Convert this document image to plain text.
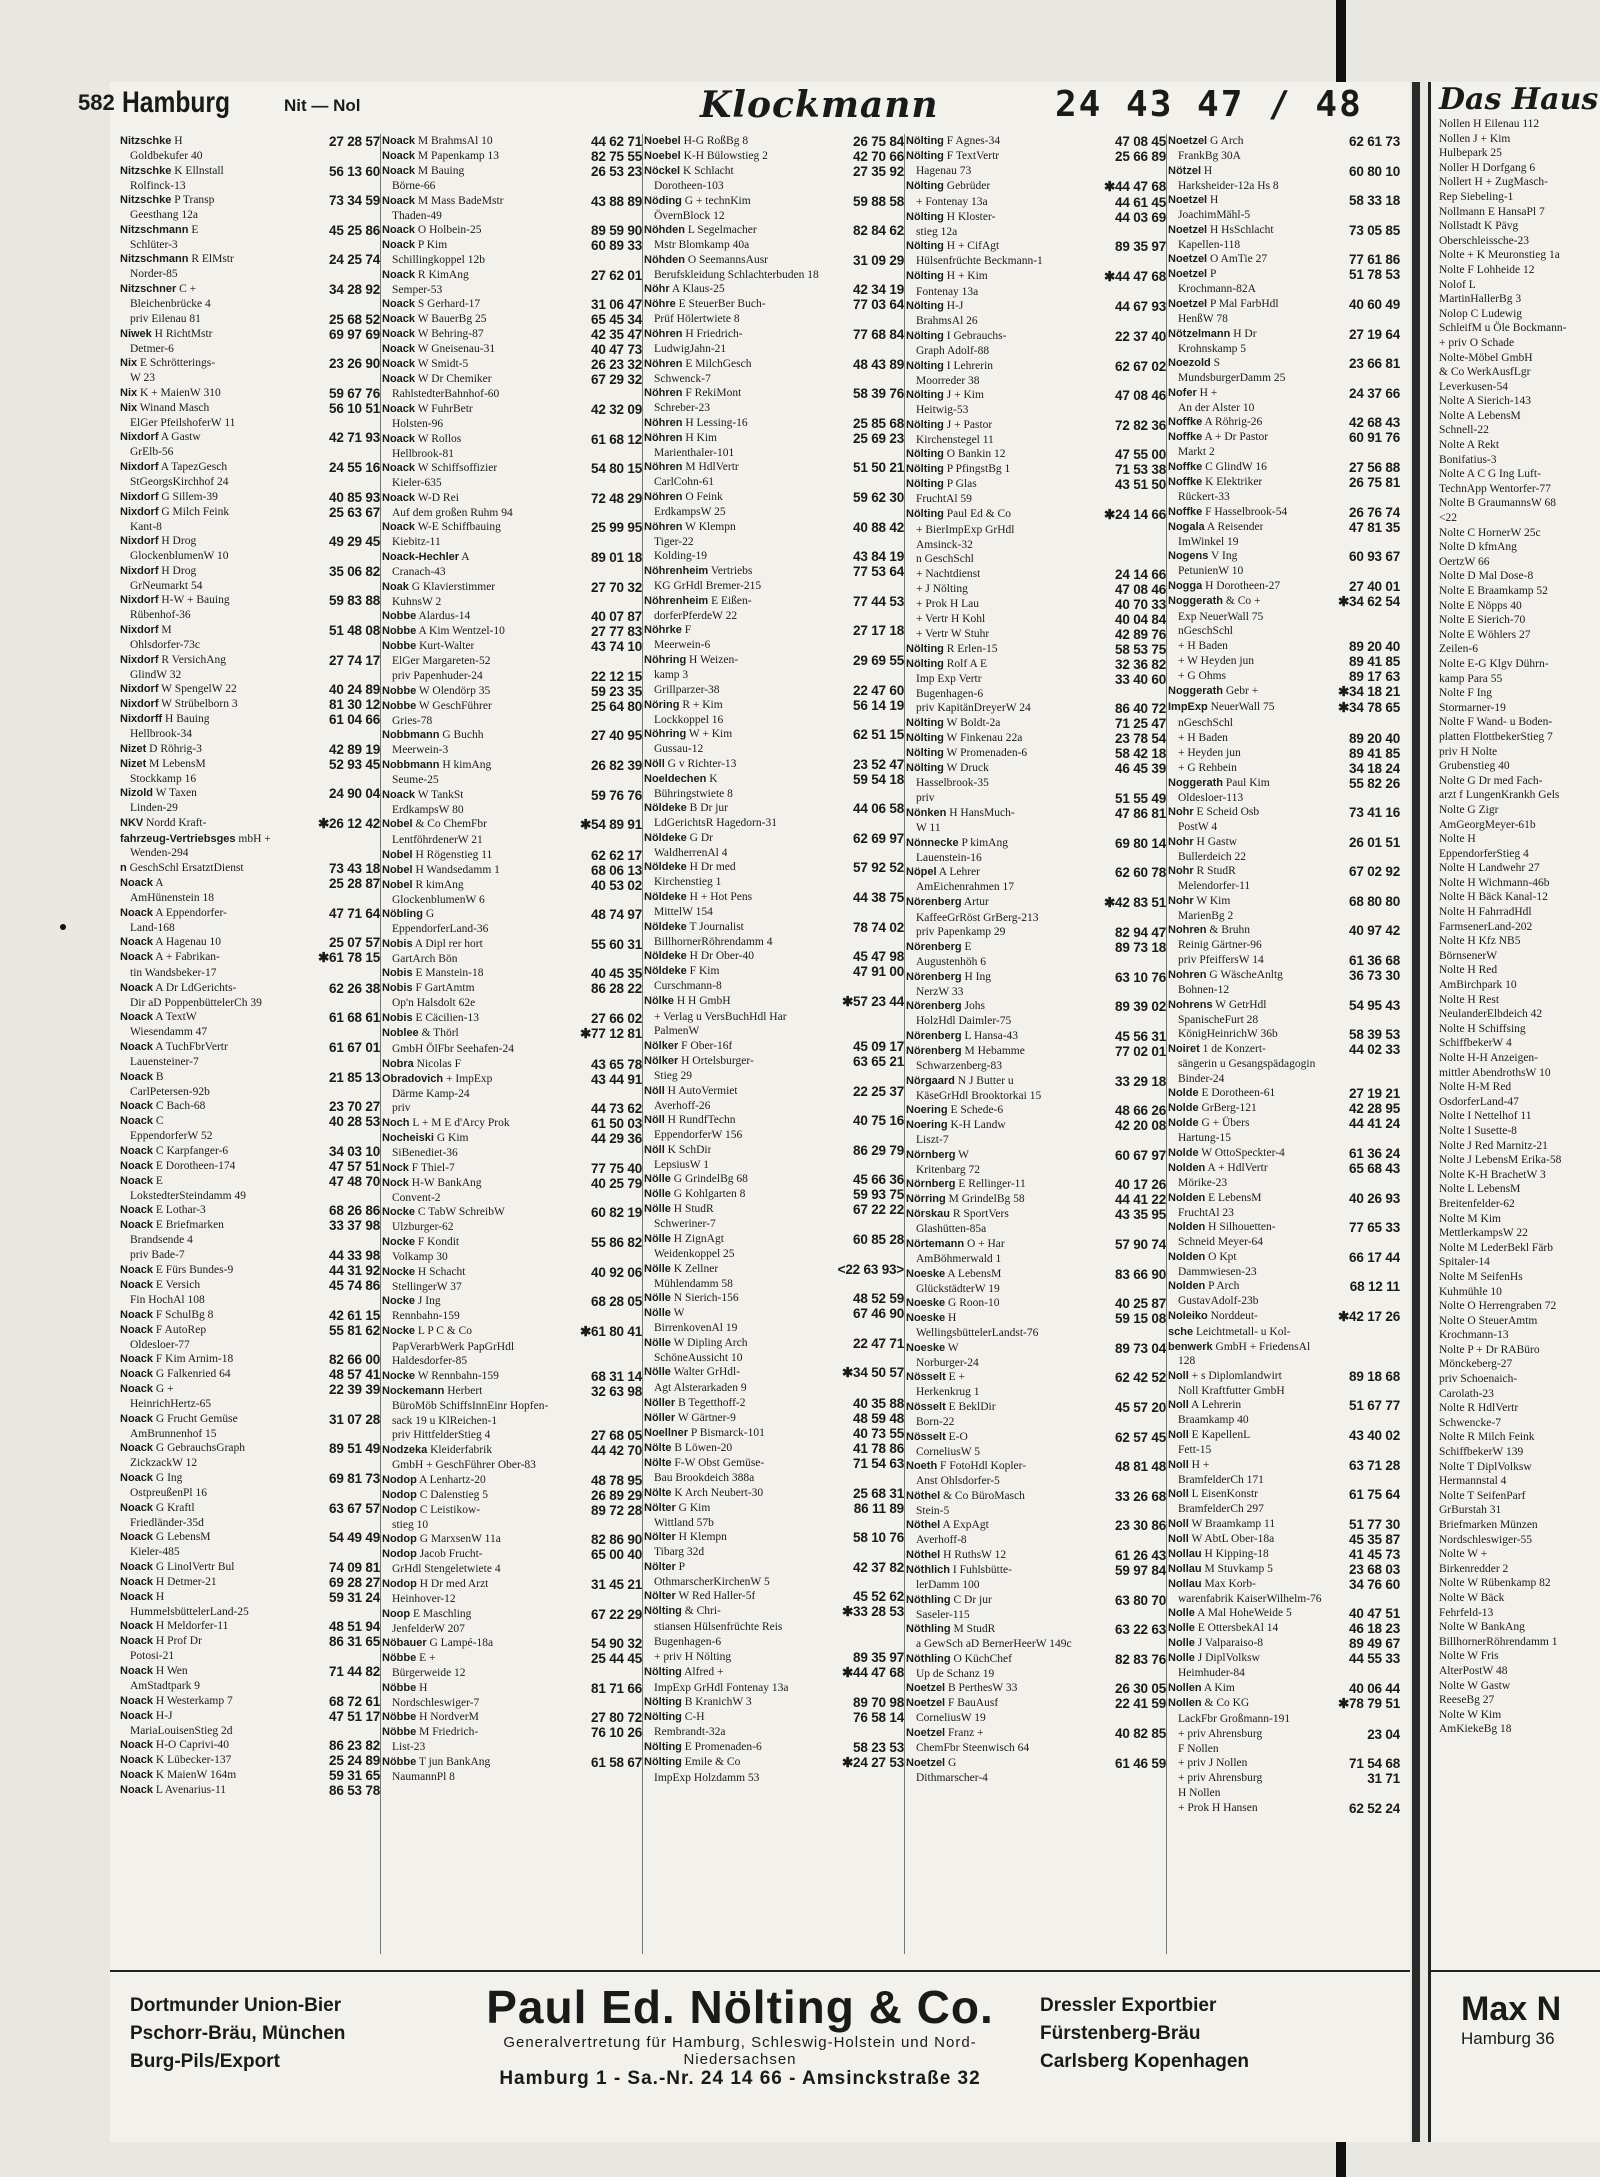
582 Hamburg	Nit — Nol	Klockmann	24 43 47 / 48
Nitzschke H	27 28 57
Goldbekufer 40
Nitzschke K Ellnstall	56 13 60
Rolfinck-13
Nitzschke P Transp	73 34 59
Geesthang 12a
Nitzschmann E	45 25 86
Schlüter-3
Nitzschmann R ElMstr	24 25 74
Norder-85
Nitzschner C +	34 28 92
Bleichenbrücke 4
priv Eilenau 81	25 68 52
Niwek H RichtMstr	69 97 69
Detmer-6
Nix E Schrötterings-	23 26 90
W 23
Nix K + MaienW 310	59 67 76
Nix Winand Masch	56 10 51
ElGer PfeilshoferW 11
Nixdorf A Gastw	42 71 93
GrElb-56
Nixdorf A TapezGesch	24 55 16
StGeorgsKirchhof 24
Nixdorf G Sillem-39	40 85 93
Nixdorf G Milch Feink	25 63 67
Kant-8
Nixdorf H Drog	49 29 45
GlockenblumenW 10
Nixdorf H Drog	35 06 82
GrNeumarkt 54
Nixdorf H-W + Bauing	59 83 88
Rübenhof-36
Nixdorf M	51 48 08
Ohlsdorfer-73c
Nixdorf R VersichAng	27 74 17
GlindW 32
Nixdorf W SpengelW 22	40 24 89
Nixdorf W Strübelborn 3	81 30 12
Nixdorff H Bauing	61 04 66
Hellbrook-34
Nizet D Röhrig-3	42 89 19
Nizet M LebensM	52 93 45
Stockkamp 16
Nizold W Taxen	24 90 04
Linden-29
NKV Nordd Kraft-	✱26 12 42
fahrzeug-Vertriebsges mbH +
Wenden-294
n GeschSchl ErsatztDienst	73 43 18
Noack A	25 28 87
AmHünenstein 18
Noack A Eppendorfer-	47 71 64
Land-168
Noack A Hagenau 10	25 07 57
Noack A + Fabrikan-	✱61 78 15
tin Wandsbeker-17
Noack A Dr LdGerichts-	62 26 38
Dir aD PoppenbüttelerCh 39
Noack A TextW	61 68 61
Wiesendamm 47
Noack A TuchFbrVertr	61 67 01
Lauensteiner-7
Noack B	21 85 13
CarlPetersen-92b
Noack C Bach-68	23 70 27
Noack C	40 28 53
EppendorferW 52
Noack C Karpfanger-6	34 03 10
Noack E Dorotheen-174	47 57 51
Noack E	47 48 70
LokstedterSteindamm 49
Noack E Lothar-3	68 26 86
Noack E Briefmarken	33 37 98
Brandsende 4
priv Bade-7	44 33 98
Noack E Fürs Bundes-9	44 31 92
Noack E Versich	45 74 86
Fin HochAl 108
Noack F SchulBg 8	42 61 15
Noack F AutoRep	55 81 62
Oldesloer-77
Noack F Kim Arnim-18	82 66 00
Noack G Falkenried 64	48 57 41
Noack G +	22 39 39
HeinrichHertz-65
Noack G Frucht Gemüse	31 07 28
AmBrunnenhof 15
Noack G GebrauchsGraph	89 51 49
ZickzackW 12
Noack G Ing	69 81 73
OstpreußenPl 16
Noack G Kraftl	63 67 57
Friedländer-35d
Noack G LebensM	54 49 49
Kieler-485
Noack G LinolVertr Bul	74 09 81
Noack H Detmer-21	69 28 27
Noack H	59 31 24
HummelsbüttelerLand-25
Noack H Meldorfer-11	48 51 94
Noack H Prof Dr	86 31 65
Potosi-21
Noack H Wen	71 44 82
AmStadtpark 9
Noack H Westerkamp 7	68 72 61
Noack H-J	47 51 17
MariaLouisenStieg 2d
Noack H-O Caprivi-40	86 23 82
Noack K Lübecker-137	25 24 89
Noack K MaienW 164m	59 31 65
Noack L Avenarius-11	86 53 78
Noack M BrahmsAl 10	44 62 71
Noack M Papenkamp 13	82 75 55
Noack M Bauing	26 53 23
Börne-66
Noack M Mass BadeMstr	43 88 89
Thaden-49
Noack O Holbein-25	89 59 90
Noack P Kim	60 89 33
Schillingkoppel 12b
Noack R KimAng	27 62 01
Semper-53
Noack S Gerhard-17	31 06 47
Noack W BauerBg 25	65 45 34
Noack W Behring-87	42 35 47
Noack W Gneisenau-31	40 47 73
Noack W Smidt-5	26 23 32
Noack W Dr Chemiker	67 29 32
RahlstedterBahnhof-60
Noack W FuhrBetr	42 32 09
Holsten-96
Noack W Rollos	61 68 12
Hellbrook-81
Noack W Schiffsoffizier	54 80 15
Kieler-635
Noack W-D Rei	72 48 29
Auf dem großen Ruhm 94
Noack W-E Schiffbauing	25 99 95
Kiebitz-11
Noack-Hechler A	89 01 18
Cranach-43
Noak G Klavierstimmer	27 70 32
KuhnsW 2
Nobbe Alardus-14	40 07 87
Nobbe A Kim Wentzel-10	27 77 83
Nobbe Kurt-Walter	43 74 10
ElGer Margareten-52
priv Papenhuder-24	22 12 15
Nobbe W Olendörp 35	59 23 35
Nobbe W GeschFührer	25 64 80
Gries-78
Nobbmann G Buchh	27 40 95
Meerwein-3
Nobbmann H kimAng	26 82 39
Seume-25
Noack W TankSt	59 76 76
ErdkampsW 80
Nobel & Co ChemFbr	✱54 89 91
LentföhrdenerW 21
Nobel H Rögenstieg 11	62 62 17
Nobel H Wandsedamm 1	68 06 13
Nobel R kimAng	40 53 02
GlockenblumenW 6
Nöbling G	48 74 97
EppendorferLand-36
Nobis A Dipl rer hort	55 60 31
GartArch Bön
Nobis E Manstein-18	40 45 35
Nobis F GartAmtm	86 28 22
Op'n Halsdolt 62e
Nobis E Cäcilien-13	27 66 02
Noblee & Thörl	✱77 12 81
GmbH ÖlFbr Seehafen-24
Nobra Nicolas F	43 65 78
Obradovich + ImpExp	43 44 91
Därme Kamp-24
priv	44 73 62
Noch L + M E d'Arcy Prok	61 50 03
Nocheiski G Kim	44 29 36
SiBenediet-36
Nock F Thiel-7	77 75 40
Nock H-W BankAng	40 25 79
Convent-2
Nocke C TabW SchreibW	60 82 19
Ulzburger-62
Nocke F Kondit	55 86 82
Volkamp 30
Nocke H Schacht	40 92 06
StellingerW 37
Nocke J Ing	68 28 05
Rennbahn-159
Nocke L P C & Co	✱61 80 41
PapVerarbWerk PapGrHdl
Haldesdorfer-85
Nocke W Rennbahn-159	68 31 14
Nockemann Herbert	32 63 98
BüroMöb SchiffsInnEinr Hopfen-
sack 19 u KlReichen-1
priv HittfelderStieg 4	27 68 05
Nodzeka Kleiderfabrik	44 42 70
GmbH + GeschFührer Ober-83
Nodop A Lenhartz-20	48 78 95
Nodop C Dalenstieg 5	26 89 29
Nodop C Leistikow-	89 72 28
stieg 10
Nodop G MarxsenW 11a	82 86 90
Nodop Jacob Frucht-	65 00 40
GrHdl Stengeletwiete 4
Nodop H Dr med Arzt	31 45 21
Heinhover-12
Noop E Maschling	67 22 29
JenfelderW 207
Nöbauer G Lampé-18a	54 90 32
Nöbbe E +	25 44 45
Bürgerweide 12
Nöbbe H	81 71 66
Nordschleswiger-7
Nöbbe H NordverM	27 80 72
Nöbbe M Friedrich-	76 10 26
List-23
Nöbbe T jun BankAng	61 58 67
NaumannPl 8
Noebel H-G RoßBg 8	26 75 84
Noebel K-H Bülowstieg 2	42 70 66
Nöckel K Schlacht	27 35 92
Dorotheen-103
Nöding G + technKim	59 88 58
ÖvernBlock 12
Nöhden L Segelmacher	82 84 62
Mstr Blomkamp 40a
Nöhden O SeemannsAusr	31 09 29
Berufskleidung Schlachterbuden 18
Nöhr A Klaus-25	42 34 19
Nöhre E SteuerBer Buch-	77 03 64
Prüf Hölertwiete 8
Nöhren H Friedrich-	77 68 84
LudwigJahn-21
Nöhren E MilchGesch	48 43 89
Schwenck-7
Nöhren F RekiMont	58 39 76
Schreber-23
Nöhren H Lessing-16	25 85 68
Nöhren H Kim	25 69 23
Marienthaler-101
Nöhren M HdlVertr	51 50 21
CarlCohn-61
Nöhren O Feink	59 62 30
ErdkampsW 25
Nöhren W Klempn	40 88 42
Tiger-22
Kolding-19	43 84 19
Nöhrenheim Vertriebs	77 53 64
KG GrHdl Bremer-215
Nöhrenheim E Eißen-	77 44 53
dorferPferdeW 22
Nöhrke F	27 17 18
Meerwein-6
Nöhring H Weizen-	29 69 55
kamp 3
Grillparzer-38	22 47 60
Nöring R + Kim	56 14 19
Lockkoppel 16
Nöhring W + Kim	62 51 15
Gussau-12
Nöll G v Richter-13	23 52 47
Noeldechen K	59 54 18
Bühringstwiete 8
Nöldeke B Dr jur	44 06 58
LdGerichtsR Hagedorn-31
Nöldeke G Dr	62 69 97
WaldherrenAl 4
Nöldeke H Dr med	57 92 52
Kirchenstieg 1
Nöldeke H + Hot Pens	44 38 75
MittelW 154
Nöldeke T Journalist	78 74 02
BillhornerRöhrendamm 4
Nöldeke H Dr Ober-40	45 47 98
Nöldeke F Kim	47 91 00
Curschmann-8
Nölke H H GmbH	✱57 23 44
+ Verlag u VersBuchHdl Har
PalmenW
Nölker F Ober-16f	45 09 17
Nölker H Ortelsburger-	63 65 21
Stieg 29
Nöll H AutoVermiet	22 25 37
Averhoff-26
Nöll H RundfTechn	40 75 16
EppendorferW 156
Nöll K SchDir	86 29 79
LepsiusW 1
Nölle G GrindelBg 68	45 66 36
Nölle G Kohlgarten 8	59 93 75
Nölle H StudR	67 22 22
Schweriner-7
Nölle H ZignAgt	60 85 28
Weidenkoppel 25
Nölle K Zellner	<22 63 93>
Mühlendamm 58
Nölle N Sierich-156	48 52 59
Nölle W	67 46 90
BirrenkovenAl 19
Nölle W Dipling Arch	22 47 71
SchöneAussicht 10
Nölle Walter GrHdl-	✱34 50 57
Agt Alsterarkaden 9
Nöller B Tegetthoff-2	40 35 88
Nöller W Gärtner-9	48 59 48
Noellner P Bismarck-101	40 73 55
Nölte B Löwen-20	41 78 86
Nölte F-W Obst Gemüse-	71 54 63
Bau Brookdeich 388a
Nölte K Arch Neubert-30	25 68 31
Nölter G Kim	86 11 89
Wittland 57b
Nölter H Klempn	58 10 76
Tibarg 32d
Nölter P	42 37 82
OthmarscherKirchenW 5
Nölter W Red Haller-5f	45 52 62
Nölting & Chri-	✱33 28 53
stiansen Hülsenfrüchte Reis
Bugenhagen-6
+ priv H Nölting	89 35 97
Nölting Alfred +	✱44 47 68
ImpExp GrHdl Fontenay 13a
Nölting B KranichW 3	89 70 98
Nölting C-H	76 58 14
Rembrandt-32a
Nölting E Promenaden-6	58 23 53
Nölting Emile & Co	✱24 27 53
ImpExp Holzdamm 53
Nölting F Agnes-34	47 08 45
Nölting F TextVertr	25 66 89
Hagenau 73
Nölting Gebrüder	✱44 47 68
+ Fontenay 13a	44 61 45
Nölting H Kloster-	44 03 69
stieg 12a
Nölting H + CifAgt	89 35 97
Hülsenfrüchte Beckmann-1
Nölting H + Kim	✱44 47 68
Fontenay 13a
Nölting H-J	44 67 93
BrahmsAl 26
Nölting I Gebrauchs-	22 37 40
Graph Adolf-88
Nölting I Lehrerin	62 67 02
Moorreder 38
Nölting J + Kim	47 08 46
Heitwig-53
Nölting J + Pastor	72 82 36
Kirchenstegel 11
Nölting O Bankin 12	47 55 00
Nölting P PfingstBg 1	71 53 38
Nölting P Glas	43 51 50
FruchtAl 59
Nölting Paul Ed & Co	✱24 14 66
+ BierImpExp GrHdl
Amsinck-32
n GeschSchl
+ Nachtdienst	24 14 66
+ J Nölting	47 08 46
+ Prok H Lau	40 70 33
+ Vertr H Kohl	40 04 84
+ Vertr W Stuhr	42 89 76
Nölting R Erlen-15	58 53 75
Nölting Rolf A E	32 36 82
Imp Exp Vertr	33 40 60
Bugenhagen-6
priv KapitänDreyerW 24	86 40 72
Nölting W Boldt-2a	71 25 47
Nölting W Finkenau 22a	23 78 54
Nölting W Promenaden-6	58 42 18
Nölting W Druck	46 45 39
Hasselbrook-35
priv	51 55 49
Nönken H HansMuch-	47 86 81
W 11
Nönnecke P kimAng	69 80 14
Lauenstein-16
Nöpel A Lehrer	62 60 78
AmEichenrahmen 17
Nörenberg Artur	✱42 83 51
KaffeeGrRöst GrBerg-213
priv Papenkamp 29	82 94 47
Nörenberg E	89 73 18
Augustenhöh 6
Nörenberg H Ing	63 10 76
NerzW 33
Nörenberg Johs	89 39 02
HolzHdl Daimler-75
Nörenberg L Hansa-43	45 56 31
Nörenberg M Hebamme	77 02 01
Schwarzenberg-83
Nörgaard N J Butter u	33 29 18
KäseGrHdl Brooktorkai 15
Noering E Schede-6	48 66 26
Noering K-H Landw	42 20 08
Liszt-7
Nörnberg W	60 67 97
Kritenbarg 72
Nörnberg E Rellinger-11	40 17 26
Nörring M GrindelBg 58	44 41 22
Nörskau R SportVers	43 35 95
Glashütten-85a
Nörtemann O + Har	57 90 74
AmBöhmerwald 1
Noeske A LebensM	83 66 90
GlückstädterW 19
Noeske G Roon-10	40 25 87
Noeske H	59 15 08
WellingsbüttelerLandst-76
Noeske W	89 73 04
Norburger-24
Nösselt E +	62 42 52
Herkenkrug 1
Nösselt E BeklDir	45 57 20
Born-22
Nösselt E-O	62 57 45
CorneliusW 5
Noeth F FotoHdl Kopler-	48 81 48
Anst Ohlsdorfer-5
Nöthel & Co BüroMasch	33 26 68
Stein-5
Nöthel A ExpAgt	23 30 86
Averhoff-8
Nöthel H RuthsW 12	61 26 43
Nöthlich I Fuhlsbütte-	59 97 84
lerDamm 100
Nöthling C Dr jur	63 80 70
Saseler-115
Nöthling M StudR	63 22 63
a GewSch aD BernerHeerW 149c
Nöthling O KüchChef	82 83 76
Up de Schanz 19
Noetzel B PerthesW 33	26 30 05
Noetzel F BauAusf	22 41 59
CorneliusW 19
Noetzel Franz +	40 82 85
ChemFbr Steenwisch 64
Noetzel G	61 46 59
Dithmarscher-4
Noetzel G Arch	62 61 73
FrankBg 30A
Nötzel H	60 80 10
Harksheider-12a Hs 8
Noetzel H	58 33 18
JoachimMähl-5
Noetzel H HsSchlacht	73 05 85
Kapellen-118
Noetzel O AmTie 27	77 61 86
Noetzel P	51 78 53
Krochmann-82A
Noetzel P Mal FarbHdl	40 60 49
HenßW 78
Nötzelmann H Dr	27 19 64
Krohnskamp 5
Noezold S	23 66 81
MundsburgerDamm 25
Nofer H +	24 37 66
An der Alster 10
Noffke A Röhrig-26	42 68 43
Noffke A + Dr Pastor	60 91 76
Markt 2
Noffke C GlindW 16	27 56 88
Noffke K Elektriker	26 75 81
Rückert-33
Noffke F Hasselbrook-54	26 76 74
Nogala A Reisender	47 81 35
ImWinkel 19
Nogens V Ing	60 93 67
PetunienW 10
Nogga H Dorotheen-27	27 40 01
Noggerath & Co +	✱34 62 54
Exp NeuerWall 75
nGeschSchl
+ H Baden	89 20 40
+ W Heyden jun	89 41 85
+ G Ohms	89 17 63
Noggerath Gebr +	✱34 18 21
ImpExp NeuerWall 75	✱34 78 65
nGeschSchl
+ H Baden	89 20 40
+ Heyden jun	89 41 85
+ G Rehbein	34 18 24
Noggerath Paul Kim	55 82 26
Oldesloer-113
Nohr E Scheid Osb	73 41 16
PostW 4
Nohr H Gastw	26 01 51
Bullerdeich 22
Nohr R StudR	67 02 92
Melendorfer-11
Nohr W Kim	68 80 80
MarienBg 2
Nohren & Bruhn	40 97 42
Reinig Gärtner-96
priv PfeiffersW 14	61 36 68
Nohren G WäscheAnltg	36 73 30
Bohnen-12
Nohrens W GetrHdl	54 95 43
SpanischeFurt 28
KönigHeinrichW 36b	58 39 53
Noiret 1 de Konzert-	44 02 33
sängerin u Gesangspädagogin
Binder-24
Nolde E Dorotheen-61	27 19 21
Nolde GrBerg-121	42 28 95
Nolde G + Übers	44 41 24
Hartung-15
Nolde W OttoSpeckter-4	61 36 24
Nolden A + HdlVertr	65 68 43
Mörike-23
Nolden E LebensM	40 26 93
FruchtAl 23
Nolden H Silhouetten-	77 65 33
Schneid Meyer-64
Nolden O Kpt	66 17 44
Dammwiesen-23
Nolden P Arch	68 12 11
GustavAdolf-23b
Noleiko Norddeut-	✱42 17 26
sche Leichtmetall- u Kol-
benwerk GmbH + FriedensAl
128
Noll + s Diplomlandwirt	89 18 68
Noll Kraftfutter GmbH
Noll A Lehrerin	51 67 77
Braamkamp 40
Noll E KapellenL	43 40 02
Fett-15
Noll H +	63 71 28
BramfelderCh 171
Noll L EisenKonstr	61 75 64
BramfelderCh 297
Noll W Braamkamp 11	51 77 30
Noll W AbtL Ober-18a	45 35 87
Nollau H Kipping-18	41 45 73
Nollau M Stuvkamp 5	23 68 03
Nollau Max Korb-	34 76 60
warenfabrik KaiserWilhelm-76
Nolle A Mal HoheWeide 5	40 47 51
Nolle E OttersbekAl 14	46 18 23
Nolle J Valparaiso-8	89 49 67
Nolle J DiplVolksw	44 55 33
Heimhuder-84
Nollen A Kim	40 06 44
Nollen & Co KG	✱78 79 51
LackFbr Großmann-191
+ priv Ahrensburg	23 04
F Nollen
+ priv J Nollen	71 54 68
+ priv Ahrensburg	31 71
H Nollen
+ Prok H Hansen	62 52 24
Dortmunder Union-Bier
Pschorr-Bräu, München
Burg-Pils/Export
Paul Ed. Nölting & Co.
Generalvertretung für Hamburg, Schleswig-Holstein und Nord-Niedersachsen
Hamburg 1 - Sa.-Nr. 24 14 66 - Amsinckstraße 32
Dressler Exportbier
Fürstenberg-Bräu
Carlsberg Kopenhagen
Das Haus
Nollen H Eilenau 112
Nollen J + Kim
Hulbepark 25
Noller H Dorfgang 6
Nollert H + ZugMasch-
Rep Siebeling-1
Nollmann E HansaPl 7
Nollstadt K Pävg
Oberschleissche-23
Nolte + K Meuronstieg 1a
Nolte F Lohheide 12
Nolof L
MartinHallerBg 3
Nolop C Ludewig
SchleifM u Öle Bockmann-
+ priv O Schade
Nolte-Möbel GmbH
& Co WerkAusfLgr
Leverkusen-54
Nolte A Sierich-143
Nolte A LebensM
Schnell-22
Nolte A Rekt
Bonifatius-3
Nolte A C G Ing Luft-
TechnApp Wentorfer-77
Nolte B GraumannsW 68
<22
Nolte C HornerW 25c
Nolte D kfmAng
OertzW 66
Nolte D Mal Dose-8
Nolte E Braamkamp 52
Nolte E Nöpps 40
Nolte E Sierich-70
Nolte E Wöhlers 27
Zeilen-6
Nolte E-G Klgv Dührn-
kamp Para 55
Nolte F Ing
Stormarner-19
Nolte F Wand- u Boden-
platten FlottbekerStieg 7
priv H Nolte
Grubenstieg 40
Nolte G Dr med Fach-
arzt f LungenKrankh Gels
Nolte G Zigr
AmGeorgMeyer-61b
Nolte H
EppendorferStieg 4
Nolte H Landwehr 27
Nolte H Wichmann-46b
Nolte H Bäck Kanal-12
Nolte H FahrradHdl
FarmsenerLand-202
Nolte H Kfz NB5
BörnsenerW
Nolte H Red
AmBirchpark 10
Nolte H Rest
NeulanderElbdeich 42
Nolte H Schiffsing
SchiffbekerW 4
Nolte H-H Anzeigen-
mittler AbendrothsW 10
Nolte H-M Red
OsdorferLand-47
Nolte I Nettelhof 11
Nolte I Susette-8
Nolte J Red Marnitz-21
Nolte J LebensM Erika-58
Nolte K-H BrachetW 3
Nolte L LebensM
Breitenfelder-62
Nolte M Kim
MettlerkampsW 22
Nolte M LederBekl Färb
Spitaler-14
Nolte M SeifenHs
Kuhmühle 10
Nolte O Herrengraben 72
Nolte O SteuerAmtm
Krochmann-13
Nolte P + Dr RABüro
Mönckeberg-27
priv Schoenaich-
Carolath-23
Nolte R HdlVertr
Schwencke-7
Nolte R Milch Feink
SchiffbekerW 139
Nolte T DiplVolksw
Hermannstal 4
Nolte T SeifenParf
GrBurstah 31
Briefmarken Münzen
Nordschleswiger-55
Nolte W +
Birkenredder 2
Nolte W Rübenkamp 82
Nolte W Bäck
Fehrfeld-13
Nolte W BankAng
BillhornerRöhrendamm 1
Nolte W Fris
AlterPostW 48
Nolte W Gastw
ReeseBg 27
Nolte W Kim
AmKiekeBg 18
Max N
Hamburg 36
